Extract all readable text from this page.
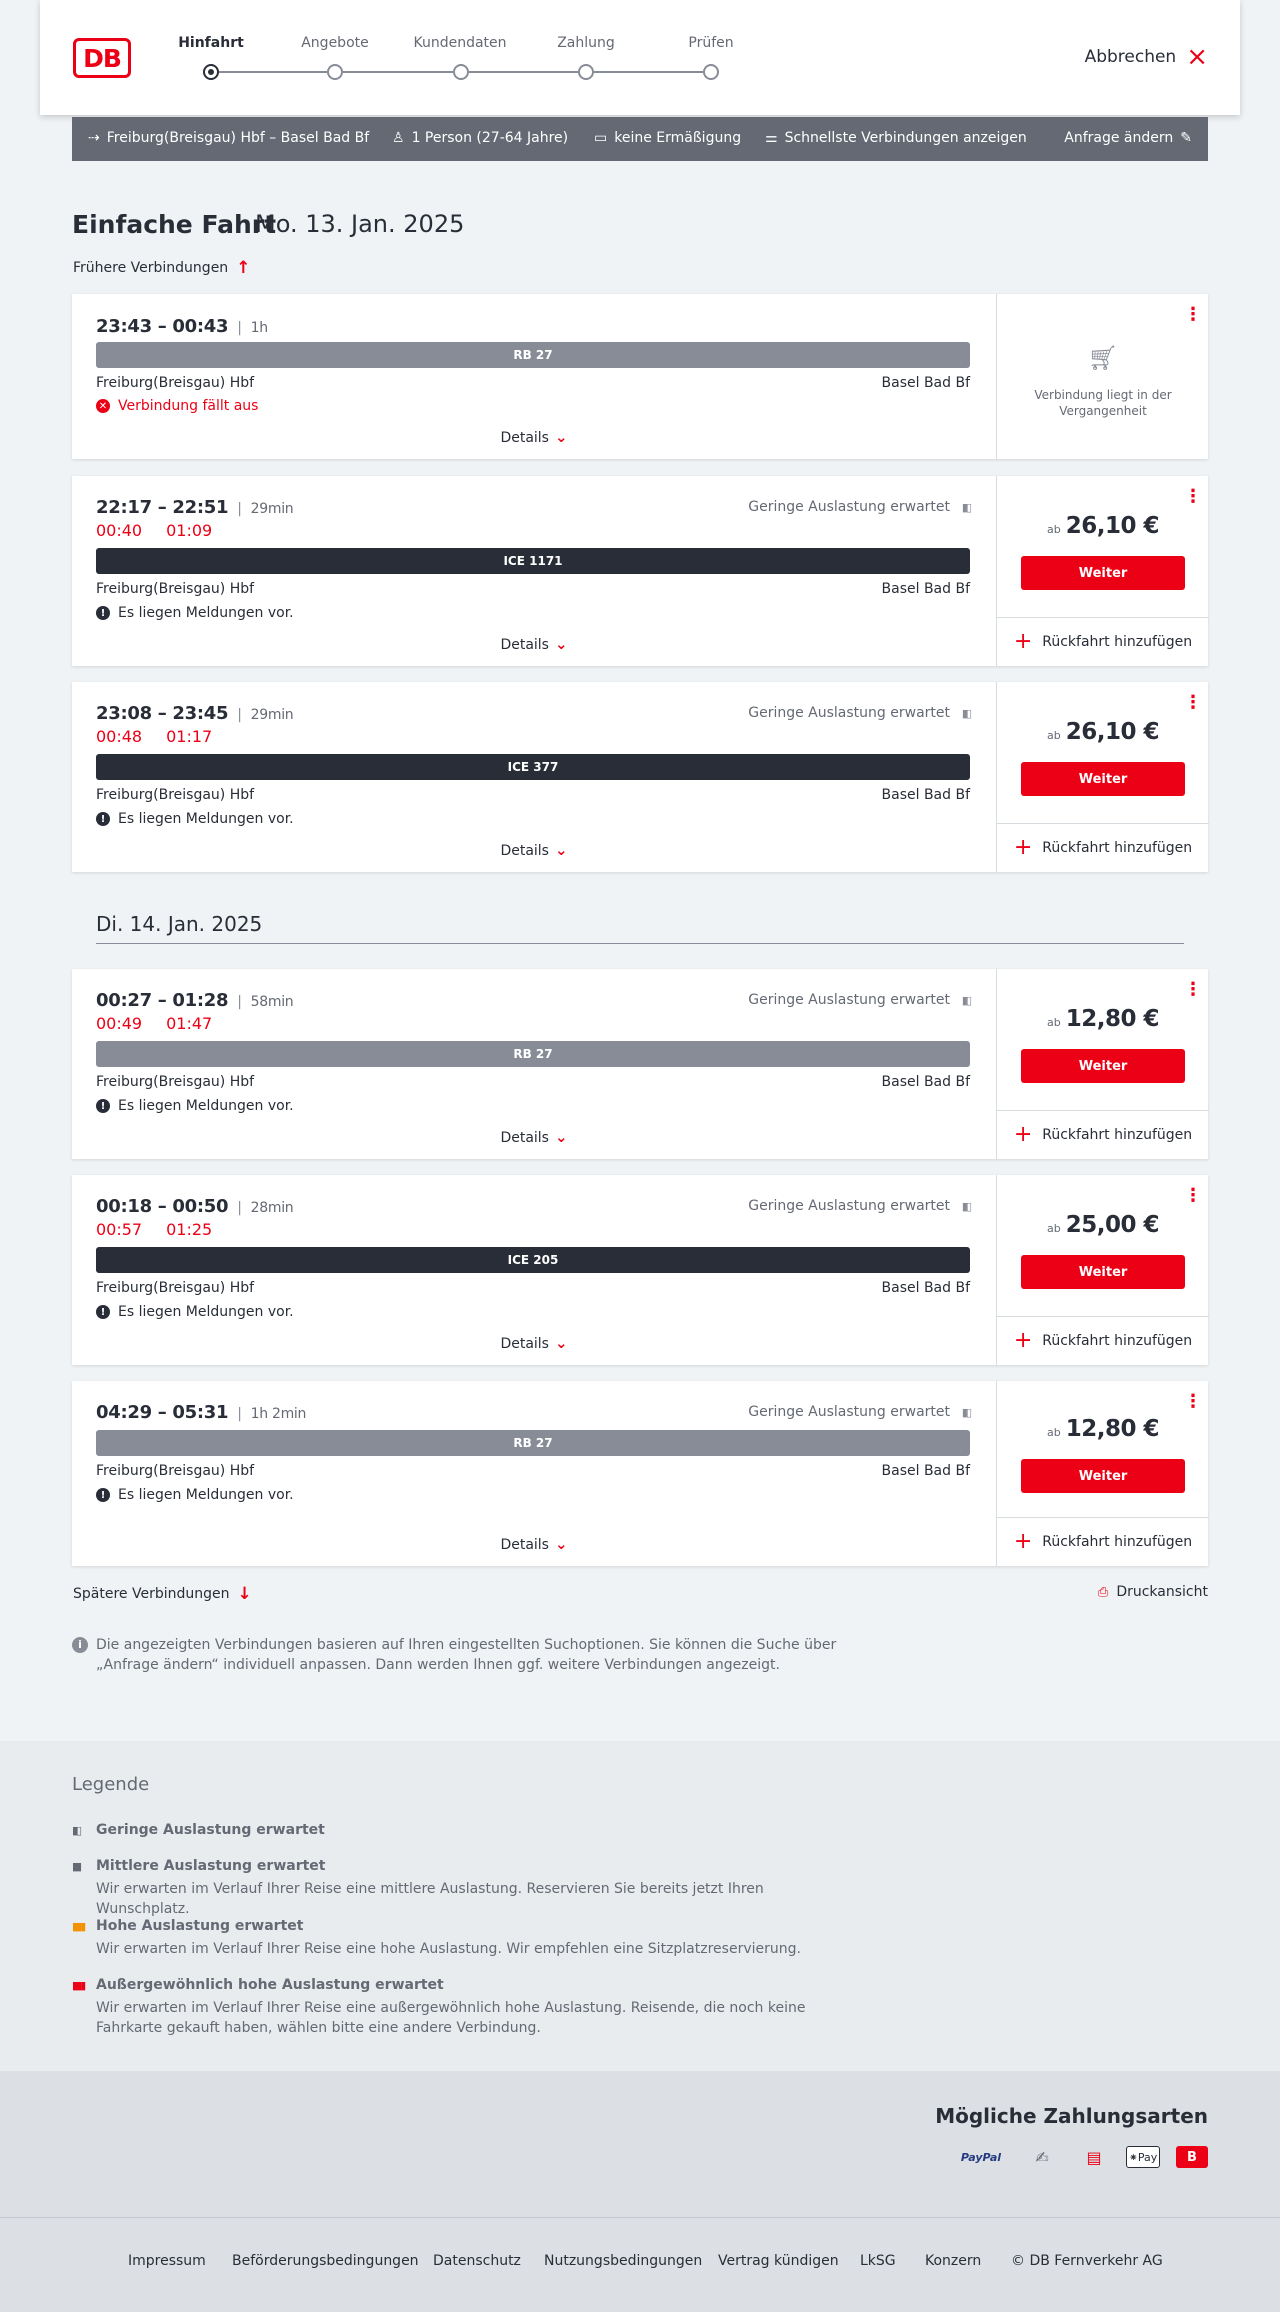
DB
Hinfahrt	Angebote	Kundendaten	Zahlung	Prüfen
Abbrechen ×
⇢ Freiburg(Breisgau) Hbf – Basel Bad Bf ♙ 1 Person (27-64 Jahre) ▭ keine Ermäßigung ⚌ Schnellste Verbindungen anzeigen	Anfrage ändern ✎
Einfache Fahrt
Mo. 13. Jan. 2025
Frühere Verbindungen ↑
23:43 – 00:43 | 1h
RB 27
Freiburg(Breisgau) Hbf	Basel Bad Bf
✕ Verbindung fällt aus
Details ⌄
⋮
🛒︎
Verbindung liegt in der Vergangenheit
22:17 – 22:51 | 29min	Geringe Auslastung erwartet ▮▯
00:40 01:09
ICE 1171
Freiburg(Breisgau) Hbf	Basel Bad Bf
! Es liegen Meldungen vor.
Details ⌄
⋮
ab 26,10 €
Weiter
+ Rückfahrt hinzufügen
23:08 – 23:45 | 29min	Geringe Auslastung erwartet ▮▯
00:48 01:17
ICE 377
Freiburg(Breisgau) Hbf	Basel Bad Bf
! Es liegen Meldungen vor.
Details ⌄
⋮
ab 26,10 €
Weiter
+ Rückfahrt hinzufügen
Di. 14. Jan. 2025
00:27 – 01:28 | 58min	Geringe Auslastung erwartet ▮▯
00:49 01:47
RB 27
Freiburg(Breisgau) Hbf	Basel Bad Bf
! Es liegen Meldungen vor.
Details ⌄
⋮
ab 12,80 €
Weiter
+ Rückfahrt hinzufügen
00:18 – 00:50 | 28min	Geringe Auslastung erwartet ▮▯
00:57 01:25
ICE 205
Freiburg(Breisgau) Hbf	Basel Bad Bf
! Es liegen Meldungen vor.
Details ⌄
⋮
ab 25,00 €
Weiter
+ Rückfahrt hinzufügen
04:29 – 05:31 | 1h 2min	Geringe Auslastung erwartet ▮▯
RB 27
Freiburg(Breisgau) Hbf	Basel Bad Bf
! Es liegen Meldungen vor.
Details ⌄
⋮
ab 12,80 €
Weiter
+ Rückfahrt hinzufügen
Spätere Verbindungen ↓	⎙ Druckansicht
i	Die angezeigten Verbindungen basieren auf Ihren eingestellten Suchoptionen. Sie können die Suche über „Anfrage ändern“ individuell anpassen. Dann werden Ihnen ggf. weitere Verbindungen angezeigt.
Legende
▮▯ Geringe Auslastung erwartet
▮▮ Mittlere Auslastung erwartet
Wir erwarten im Verlauf Ihrer Reise eine mittlere Auslastung. Reservieren Sie bereits jetzt Ihren Wunschplatz.
▮▮▮ Hohe Auslastung erwartet
Wir erwarten im Verlauf Ihrer Reise eine hohe Auslastung. Wir empfehlen eine Sitzplatzreservierung.
▮▮▮ Außergewöhnlich hohe Auslastung erwartet
Wir erwarten im Verlauf Ihrer Reise eine außergewöhnlich hohe Auslastung. Reisende, die noch keine Fahrkarte gekauft haben, wählen bitte eine andere Verbindung.
Mögliche Zahlungsarten
PayPal	✍	▤	⁕ Pay	B
Impressum Beförderungsbedingungen Datenschutz Nutzungsbedingungen Vertrag kündigen LkSG Konzern © DB Fernverkehr AG
